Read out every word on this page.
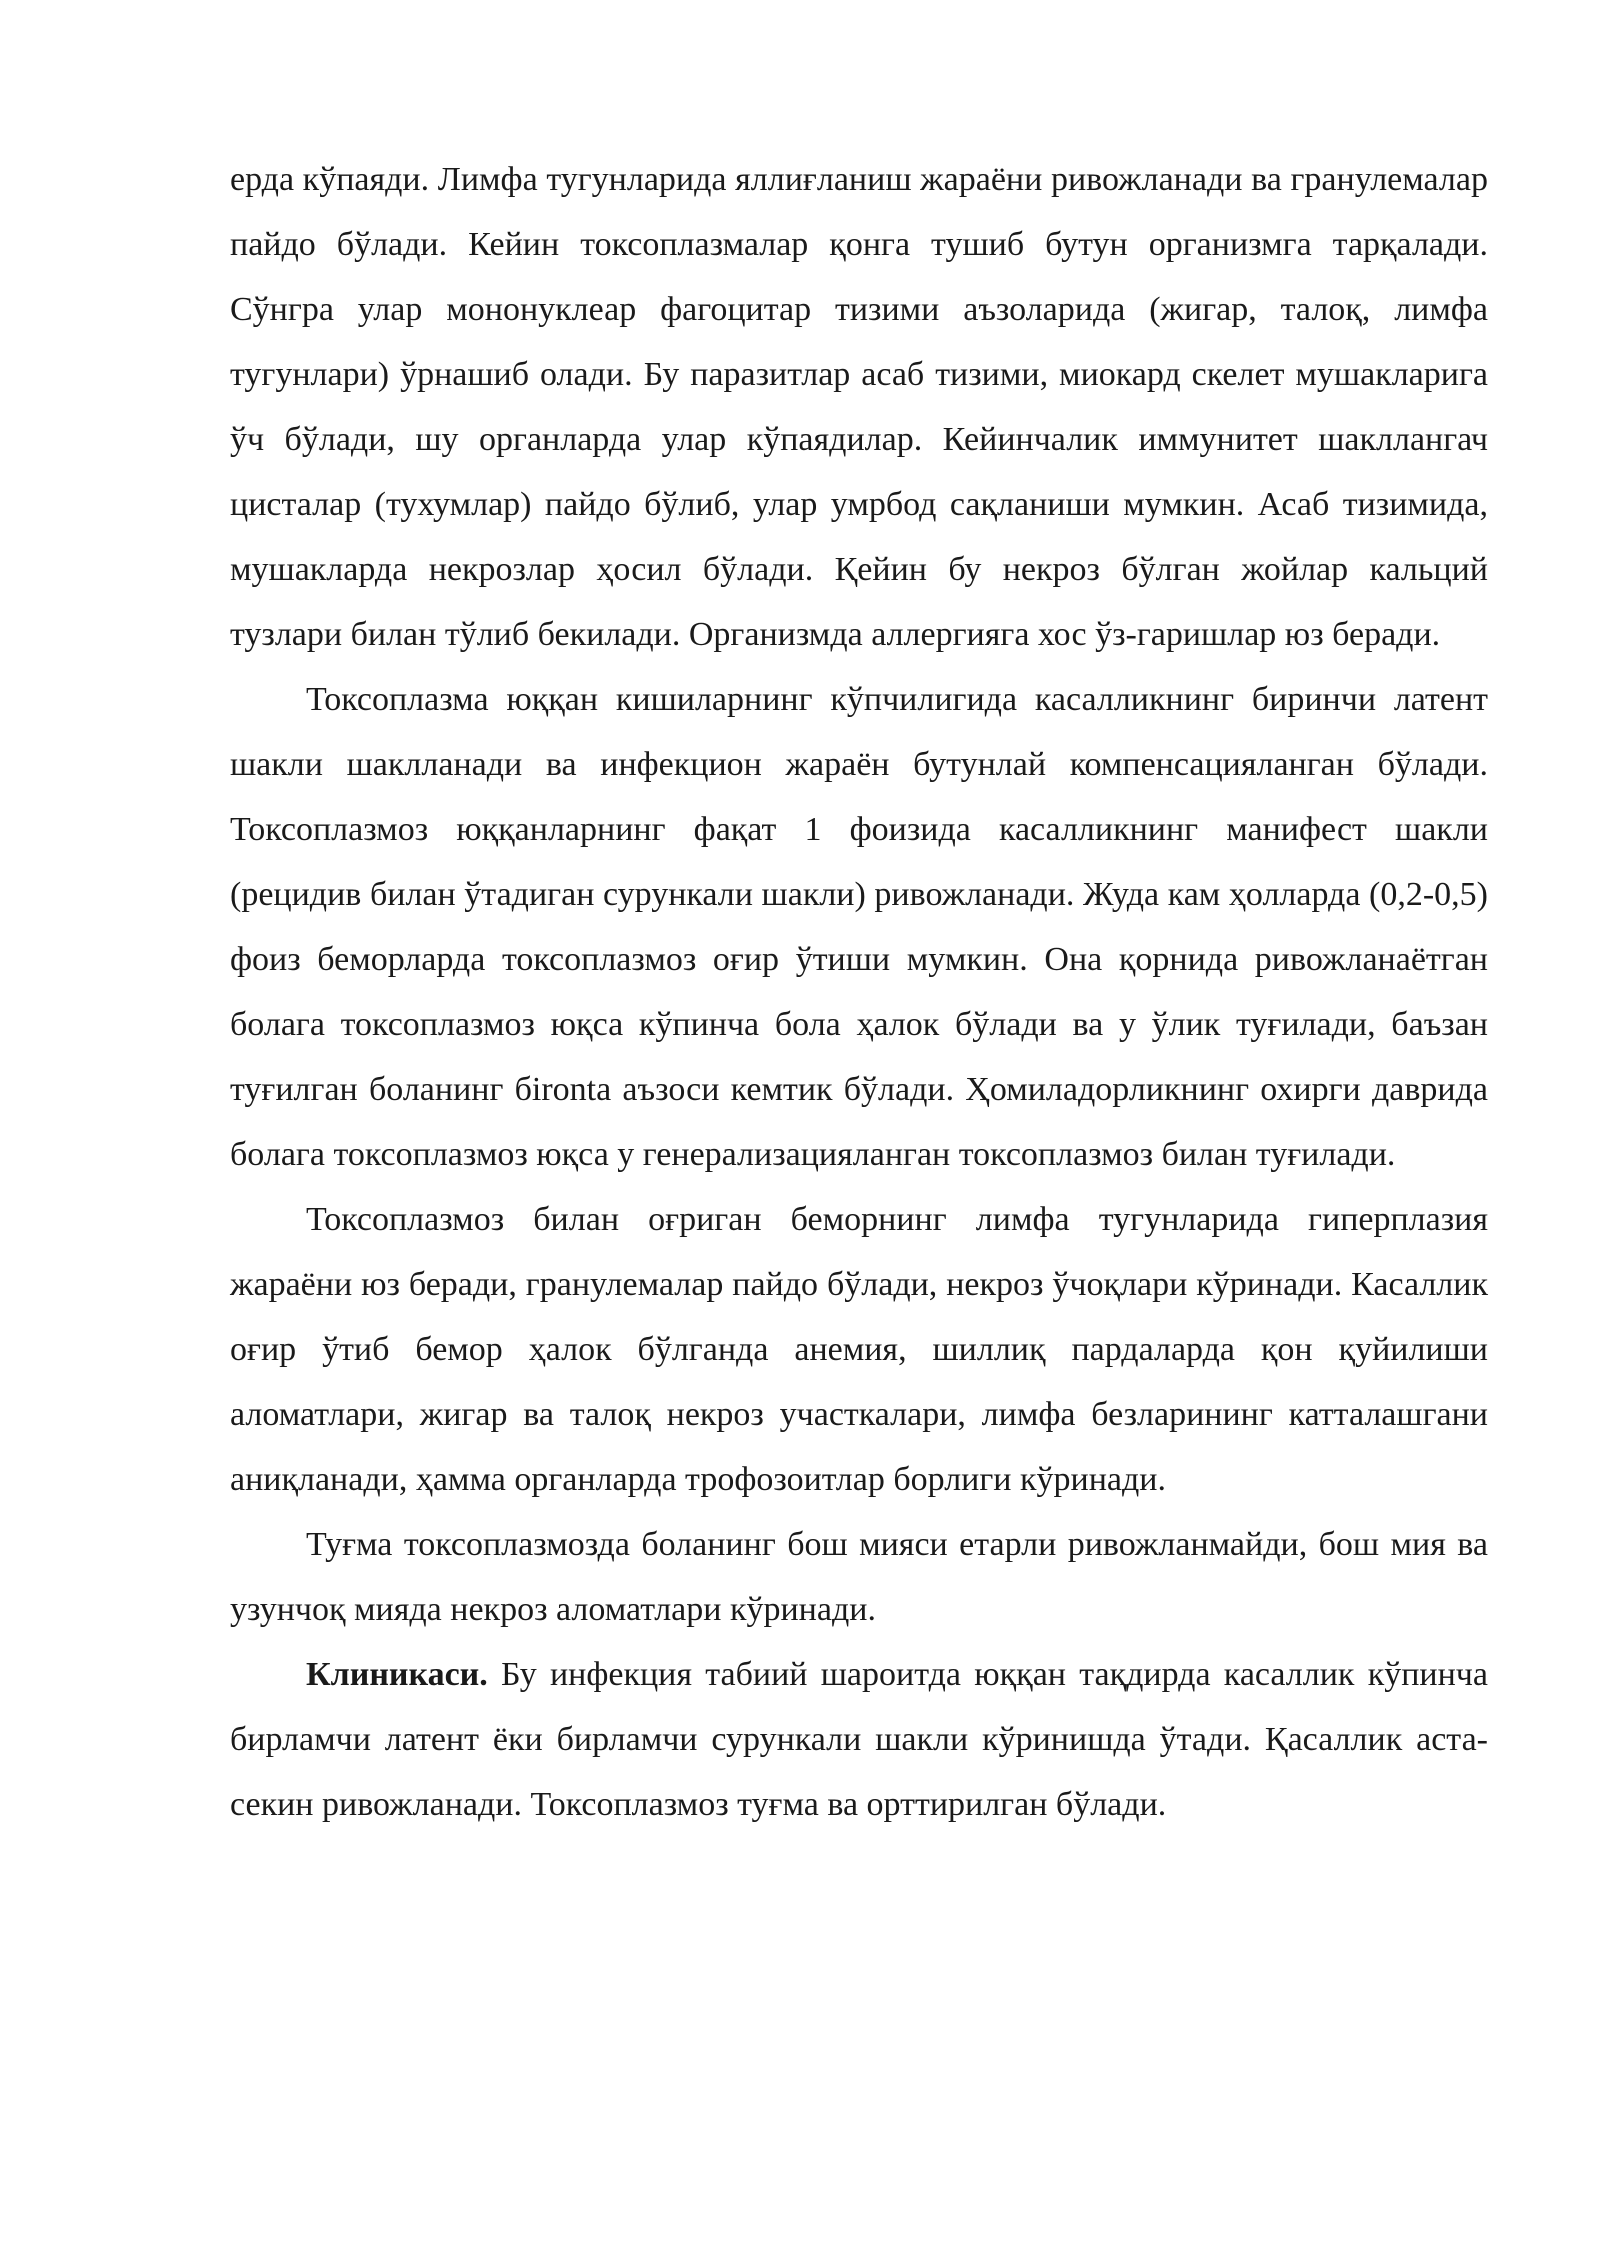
ерда кўпаяди. Лимфа тугунларида яллиғланиш жараёни ривожланади ва гранулемалар пайдо бўлади. Кейин токсоплазмалар қонга тушиб бутун организмга тарқалади. Сўнгра улар мононуклеар фагоцитар тизими аъзоларида (жигар, талоқ, лимфа тугунлари) ўрнашиб олади. Бу паразитлар асаб тизими, миокард скелет мушакларига ўч бўлади, шу органларда улар кўпаядилар. Кейинчалик иммунитет шакллангач цисталар (тухумлар) пайдо бўлиб, улар умрбод сақланиши мумкин. Асаб тизимида, мушакларда некрозлар ҳосил бўлади. Қейин бу некроз бўлган жойлар кальций тузлари билан тўлиб бекилади. Организмда аллергияга хос ўз-гаришлар юз беради.

Токсоплазма юққан кишиларнинг кўпчилигида касалликнинг биринчи латент шакли шаклланади ва инфекцион жараён бутунлай компенсацияланган бўлади. Токсоплазмоз юққанларнинг фақат 1 фоизида касалликнинг манифест шакли (рецидив билан ўтадиган сурункали шакли) ривожланади. Жуда кам ҳолларда (0,2-0,5) фоиз беморларда токсоплазмоз оғир ўтиши мумкин. Она қорнида ривожланаётган болага токсоплазмоз юқса кўпинча бола ҳалок бўлади ва у ўлик туғилади, баъзан туғилган боланинг бironta аъзоси кемтик бўлади. Ҳомиладорликнинг охирги даврида болага токсоплазмоз юқса у генерализацияланган токсоплазмоз билан туғилади.

Токсоплазмоз билан оғриган беморнинг лимфа тугунларида гиперплазия жараёни юз беради, гранулемалар пайдо бўлади, некроз ўчоқлари кўринади. Касаллик оғир ўтиб бемор ҳалок бўлганда анемия, шиллиқ пардаларда қон қуйилиши аломатлари, жигар ва талоқ некроз участкалари, лимфа безларининг катталашгани аниқланади, ҳамма органларда трофозоитлар борлиги кўринади.

Туғма токсоплазмозда боланинг бош мияси етарли ривожланмайди, бош мия ва узунчоқ мияда некроз аломатлари кўринади.

Клиникаси. Бу инфекция табиий шароитда юққан тақдирда касаллик кўпинча бирламчи латент ёки бирламчи сурункали шакли кўринишда ўтади. Қасаллик аста-секин ривожланади. Токсоплазмоз туғма ва орттирилган бўлади.
